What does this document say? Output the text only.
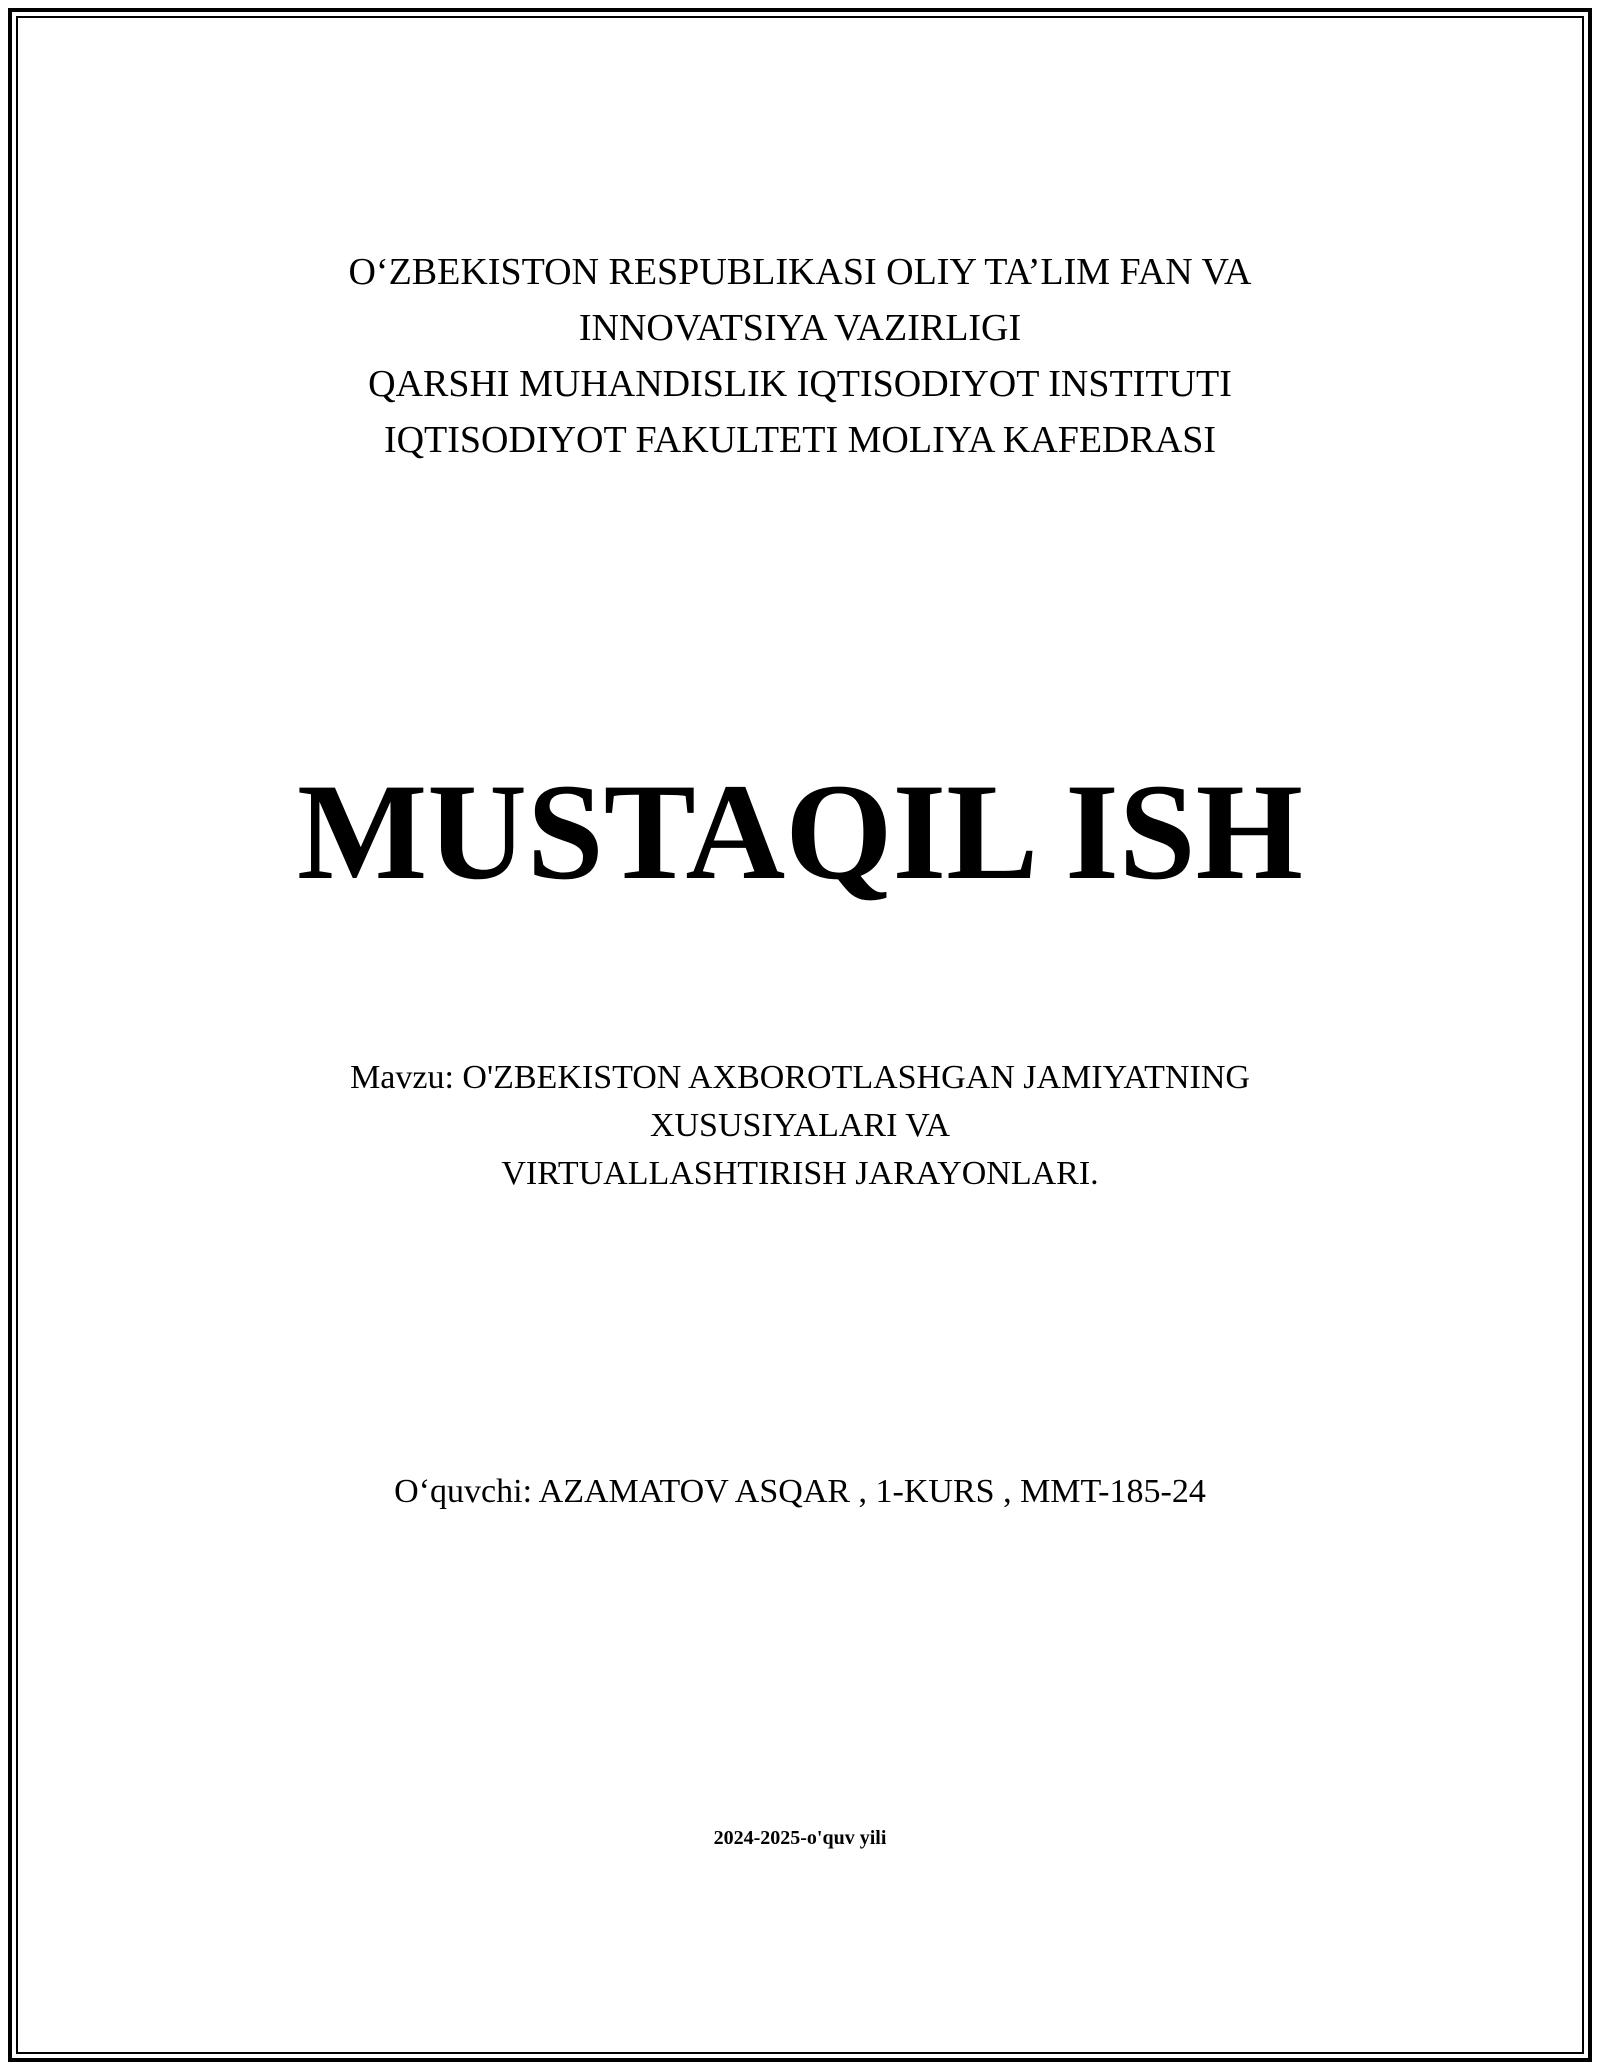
O‘ZBEKISTON RESPUBLIKASI OLIY TA’LIM FAN VA
INNOVATSIYA VAZIRLIGI
QARSHI MUHANDISLIK IQTISODIYOT INSTITUTI
IQTISODIYOT FAKULTETI MOLIYA KAFEDRASI
MUSTAQIL ISH
Mavzu: O'ZBEKISTON AXBOROTLASHGAN JAMIYATNING
XUSUSIYALARI VA
VIRTUALLASHTIRISH JARAYONLARI.
O‘quvchi: AZAMATOV ASQAR , 1-KURS , MMT-185-24
2024-2025-o'quv yili
